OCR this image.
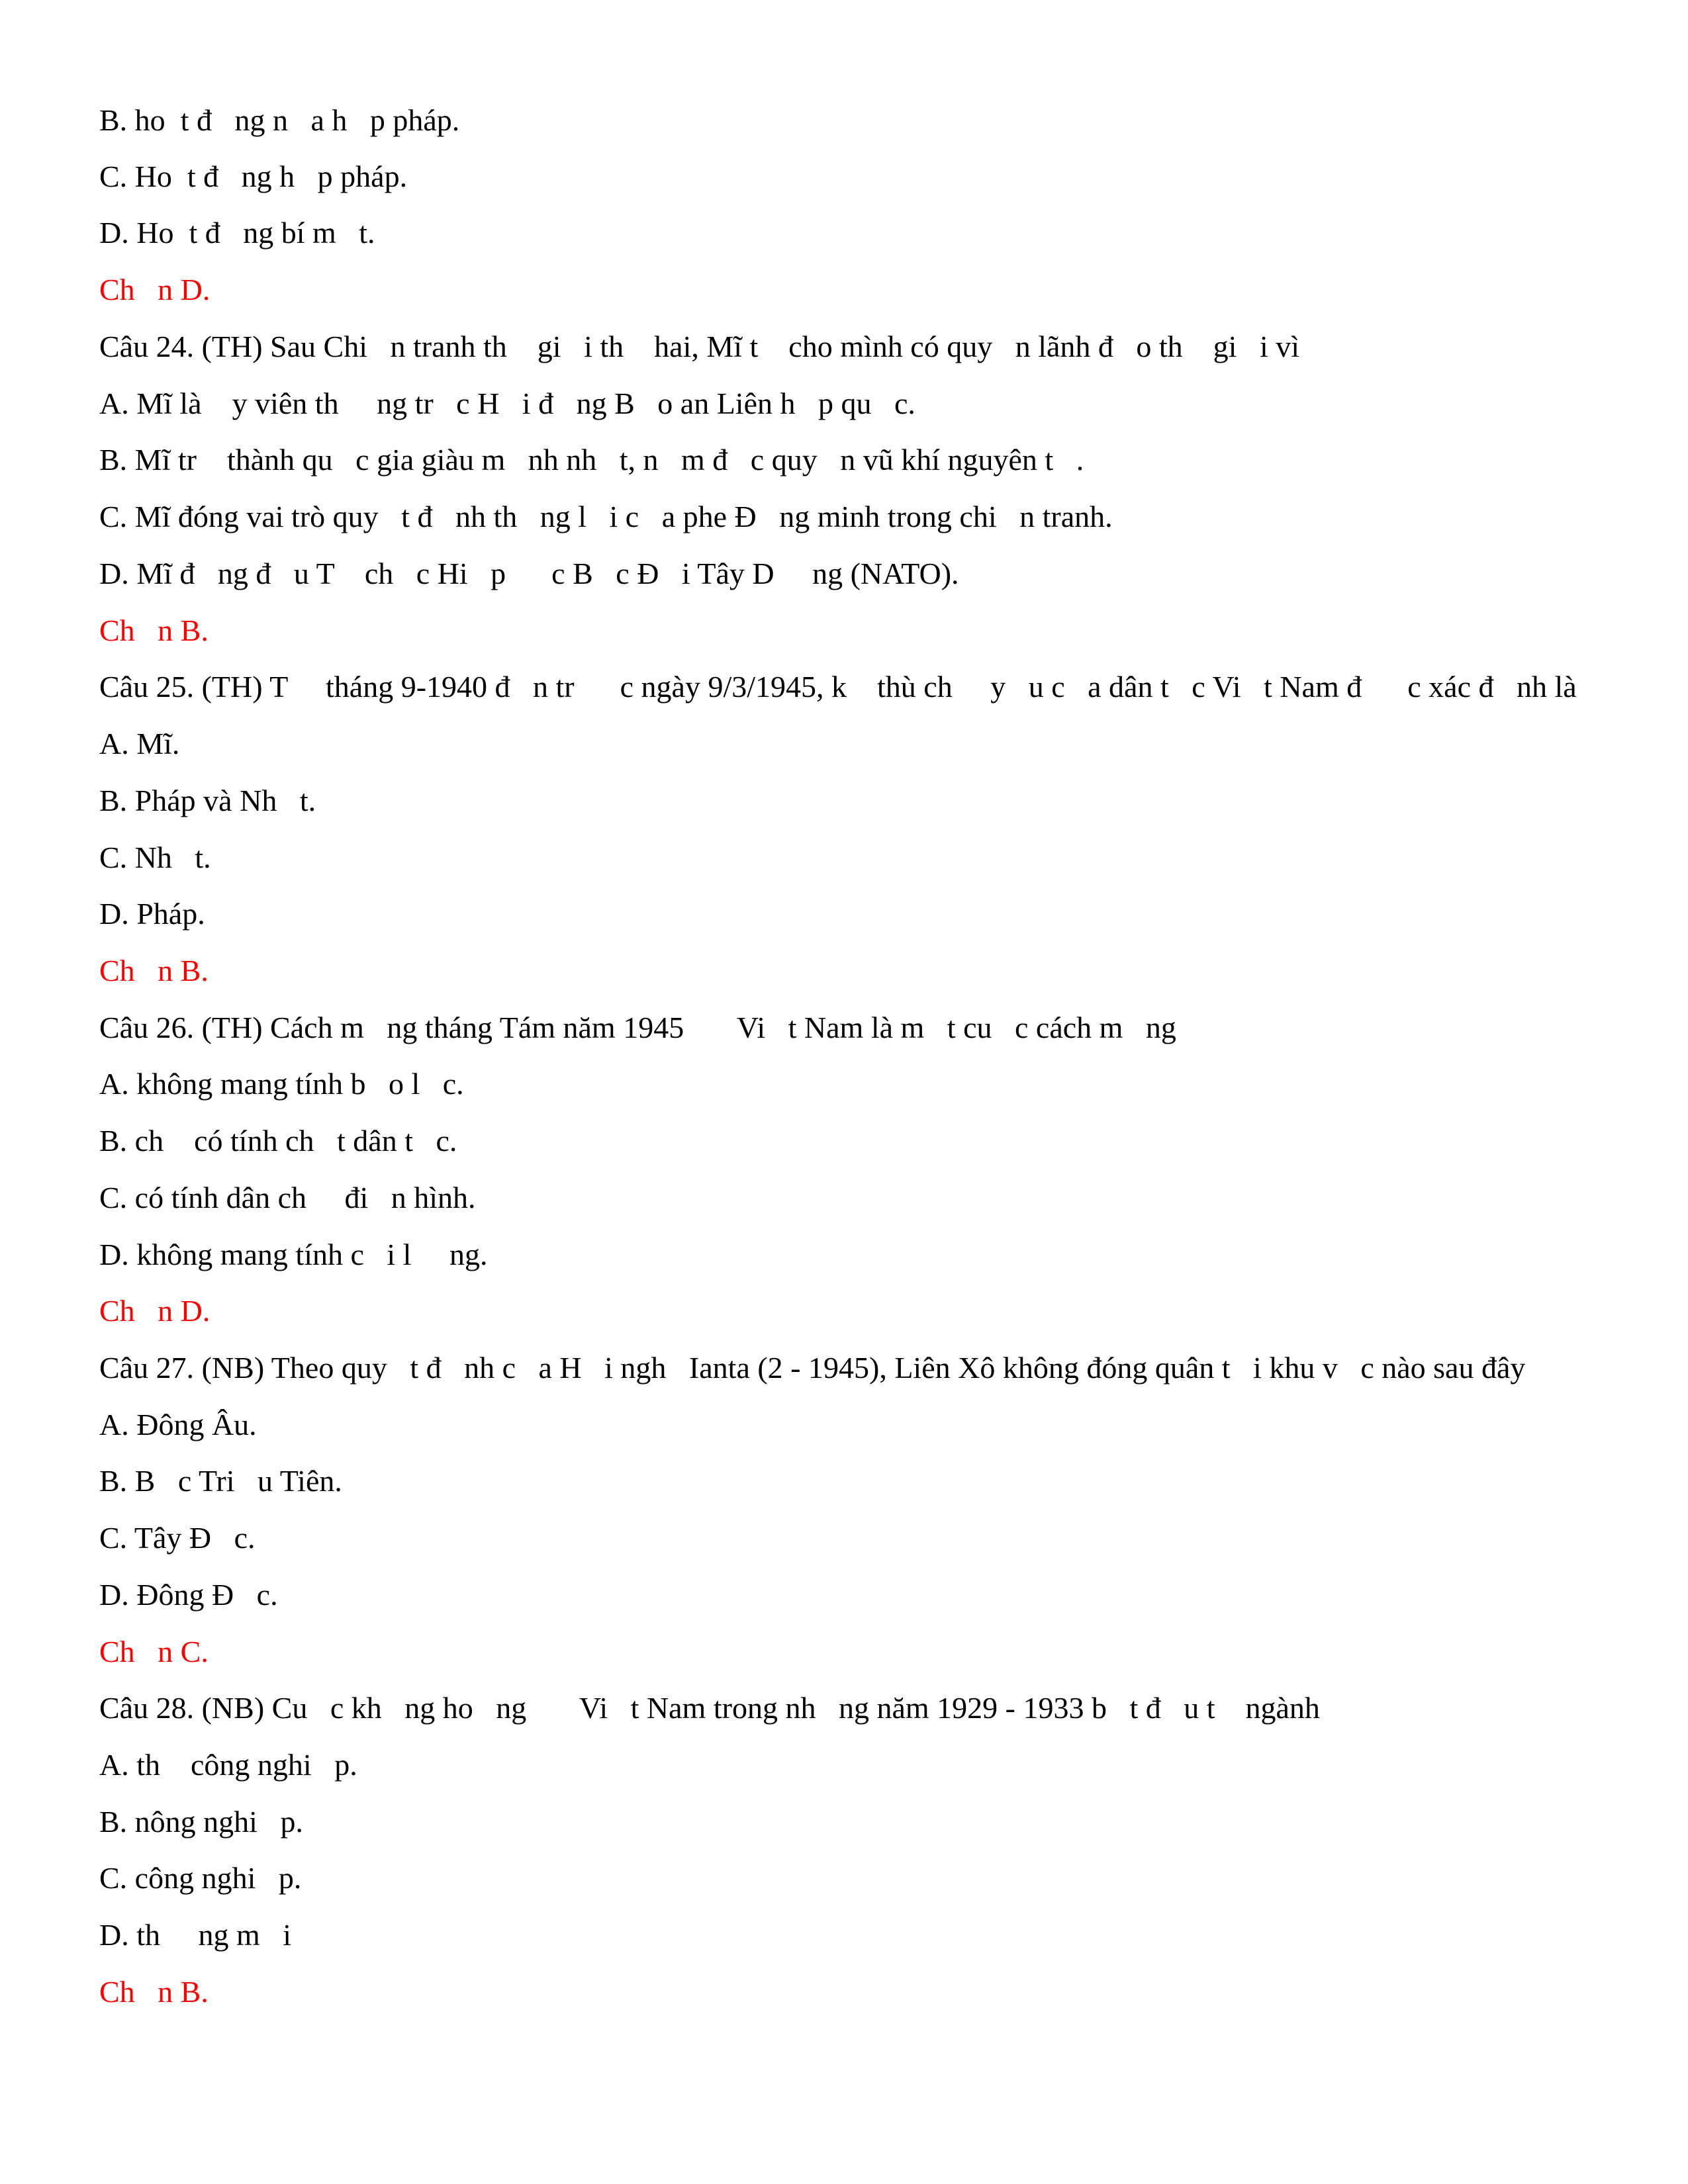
B. ho  t đ   ng n   a h   p pháp.
C. Ho  t đ   ng h   p pháp.
D. Ho  t đ   ng bí m   t.
Ch   n D.
Câu 24. (TH) Sau Chi   n tranh th    gi   i th    hai, Mĩ t    cho mình có quy   n lãnh đ   o th    gi   i vì
A. Mĩ là    y viên th     ng tr   c H   i đ   ng B   o an Liên h   p qu   c.
B. Mĩ tr    thành qu   c gia giàu m   nh nh   t, n   m đ   c quy   n vũ khí nguyên t   .
C. Mĩ đóng vai trò quy   t đ   nh th   ng l   i c   a phe Đ   ng minh trong chi   n tranh.
D. Mĩ đ   ng đ   u T    ch   c Hi   p      c B   c Đ   i Tây D     ng (NATO).
Ch   n B.
Câu 25. (TH) T     tháng 9-1940 đ   n tr      c ngày 9/3/1945, k    thù ch     y   u c   a dân t   c Vi   t Nam đ      c xác đ   nh là
A. Mĩ.
B. Pháp và Nh   t.
C. Nh   t.
D. Pháp.
Ch   n B.
Câu 26. (TH) Cách m   ng tháng Tám năm 1945       Vi   t Nam là m   t cu   c cách m   ng
A. không mang tính b   o l   c.
B. ch    có tính ch   t dân t   c.
C. có tính dân ch     đi   n hình.
D. không mang tính c   i l     ng.
Ch   n D.
Câu 27. (NB) Theo quy   t đ   nh c   a H   i ngh   Ianta (2 - 1945), Liên Xô không đóng quân t   i khu v   c nào sau đây
A. Đông Âu.
B. B   c Tri   u Tiên.
C. Tây Đ   c.
D. Đông Đ   c.
Ch   n C.
Câu 28. (NB) Cu   c kh   ng ho   ng       Vi   t Nam trong nh   ng năm 1929 - 1933 b   t đ   u t    ngành
A. th    công nghi   p.
B. nông nghi   p.
C. công nghi   p.
D. th     ng m   i
Ch   n B.
